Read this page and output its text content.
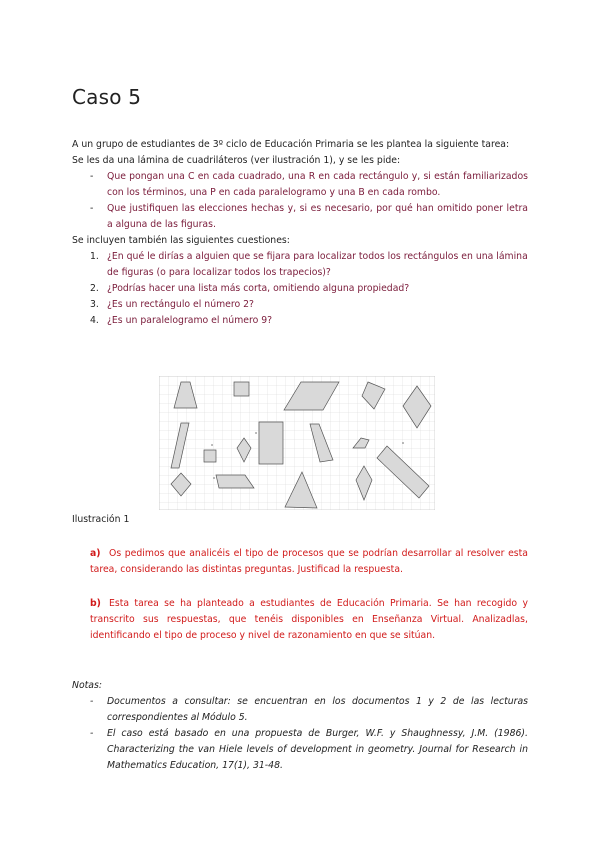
Caso 5

A un grupo de estudiantes de 3º ciclo de Educación Primaria se les plantea la siguiente tarea:

Se les da una lámina de cuadriláteros (ver ilustración 1), y se les pide:

- Que pongan una C en cada cuadrado, una R en cada rectángulo y, si están familiarizados con los términos, una P en cada paralelogramo y una B en cada rombo.
- Que justifiquen las elecciones hechas y, si es necesario, por qué han omitido poner letra a alguna de las figuras.

Se incluyen también las siguientes cuestiones:

1. ¿En qué le dirías a alguien que se fijara para localizar todos los rectángulos en una lámina de figuras (o para localizar todos los trapecios)?
2. ¿Podrías hacer una lista más corta, omitiendo alguna propiedad?
3. ¿Es un rectángulo el número 2?
4. ¿Es un paralelogramo el número 9?
x
x
x
x
Ilustración 1
a) Os pedimos que analicéis el tipo de procesos que se podrían desarrollar al resolver esta tarea, considerando las distintas preguntas. Justificad la respuesta.
b) Esta tarea se ha planteado a estudiantes de Educación Primaria. Se han recogido y transcrito sus respuestas, que tenéis disponibles en Enseñanza Virtual. Analizadlas, identificando el tipo de proceso y nivel de razonamiento en que se sitúan.

Notas:

- Documentos a consultar: se encuentran en los documentos 1 y 2 de las lecturas correspondientes al Módulo 5.
- El caso está basado en una propuesta de Burger, W.F. y Shaughnessy, J.M. (1986). Characterizing the van Hiele levels of development in geometry. Journal for Research in Mathematics Education, 17(1), 31-48.
